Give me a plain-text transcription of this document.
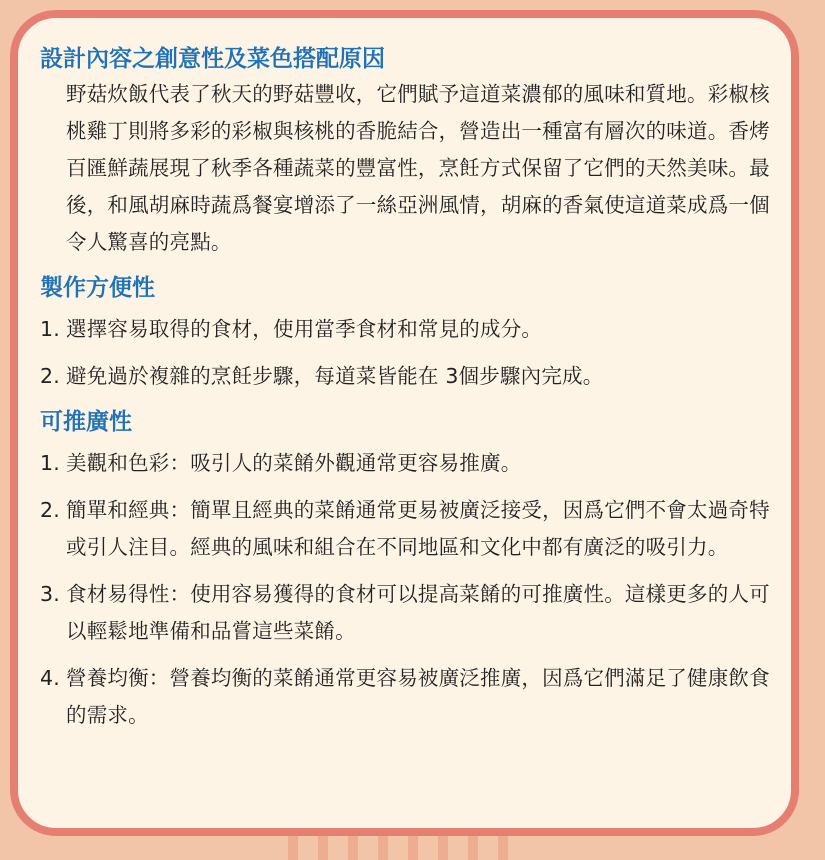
設計內容之創意性及菜色搭配原因

野菇炊飯代表了秋天的野菇豐收，它們賦予這道菜濃郁的風味和質地。彩椒核桃雞丁則將多彩的彩椒與核桃的香脆結合，營造出一種富有層次的味道。香烤百匯鮮蔬展現了秋季各種蔬菜的豐富性，烹飪方式保留了它們的天然美味。最後，和風胡麻時蔬爲餐宴增添了一絲亞洲風情，胡麻的香氣使這道菜成爲一個令人驚喜的亮點。

製作方便性
1. 選擇容易取得的食材，使用當季食材和常見的成分。
2. 避免過於複雜的烹飪步驟，每道菜皆能在 3個步驟內完成。
可推廣性
1. 美觀和色彩：吸引人的菜餚外觀通常更容易推廣。
2. 簡單和經典：簡單且經典的菜餚通常更易被廣泛接受，因爲它們不會太過奇特或引人注目。經典的風味和組合在不同地區和文化中都有廣泛的吸引力。
3. 食材易得性：使用容易獲得的食材可以提高菜餚的可推廣性。這樣更多的人可以輕鬆地準備和品嘗這些菜餚。
4. 營養均衡：營養均衡的菜餚通常更容易被廣泛推廣，因爲它們滿足了健康飲食的需求。
